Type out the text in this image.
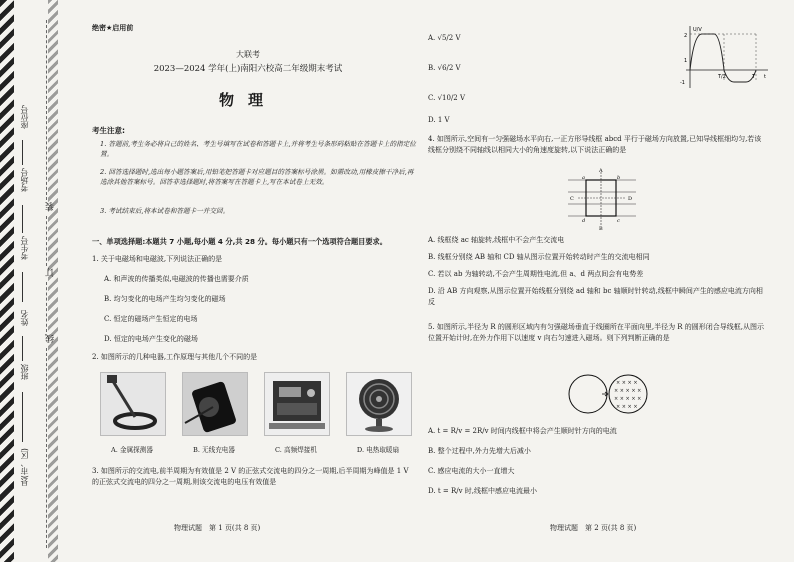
座位号
考场号
考生号
姓名
班级
县(市、区)
装
订
线
绝密★启用前
大联考
2023—2024 学年(上)南阳六校高二年级期末考试
物理
考生注意:
1. 答题前,考生务必将自己的姓名、考生号填写在试卷和答题卡上,并将考生号条形码粘贴在答题卡上的指定位置。
2. 回答选择题时,选出每小题答案后,用铅笔把答题卡对应题目的答案标号涂黑。如需改动,用橡皮擦干净后,再选涂其他答案标号。回答非选择题时,将答案写在答题卡上,写在本试卷上无效。
3. 考试结束后,将本试卷和答题卡一并交回。
一、单项选择题:本题共 7 小题,每小题 4 分,共 28 分。每小题只有一个选项符合题目要求。
1. 关于电磁场和电磁波,下列说法正确的是
A. 和声波的传播类似,电磁波的传播也需要介质
B. 均匀变化的电场产生均匀变化的磁场
C. 恒定的磁场产生恒定的电场
D. 恒定的电场产生变化的磁场
2. 如图所示的几种电器,工作原理与其他几个不同的是
A. 金属探测器	B. 无线充电器	C. 高频焊接机	D. 电热取暖扇
3. 如图所示的交流电,前半周期为有效值是 2 V 的正弦式交流电的四分之一周期,后半周期为峰值是 1 V 的正弦式交流电的四分之一周期,则该交流电的电压有效值是
物理试题　第 1 页(共 8 页)
A. √5/2 V
B. √6/2 V
C. √10/2 V
D. 1 V
U/V
t
2
1
-1
T/2	T
4. 如图所示,空间有一匀强磁场水平向右,一正方形导线框 abcd 平行于磁场方向放置,已知导线框细均匀,若该线框分别绕不同轴线以相同大小的角速度旋转,以下说法正确的是
A
B
C	D
a	b
c
d
A. 线框绕 ac 轴旋转,线框中不会产生交流电
B. 线框分别绕 AB 轴和 CD 轴从图示位置开始转动时产生的交流电相同
C. 若以 ab 为轴转动,不会产生周期性电流,但 a、d 两点间会有电势差
D. 沿 AB 方向观察,从图示位置开始线框分别绕 ad 轴和 bc 轴顺时针转动,线框中瞬间产生的感应电流方向相反
5. 如图所示,半径为 R 的圆形区域内有匀强磁场垂直于线圈所在平面向里,半径为 R 的圆形闭合导线框,从图示位置开始计时,在外力作用下以速度 v 向右匀速进入磁场。则下列判断正确的是
× × × ×
× × × × ×
× × × × ×
× × × ×
A. t = R/v = 2R/v 时间内线框中将会产生顺时针方向的电流
B. 整个过程中,外力先增大后减小
C. 感应电流的大小一直增大
D. t = R/v 时,线框中感应电流最小
物理试题　第 2 页(共 8 页)
